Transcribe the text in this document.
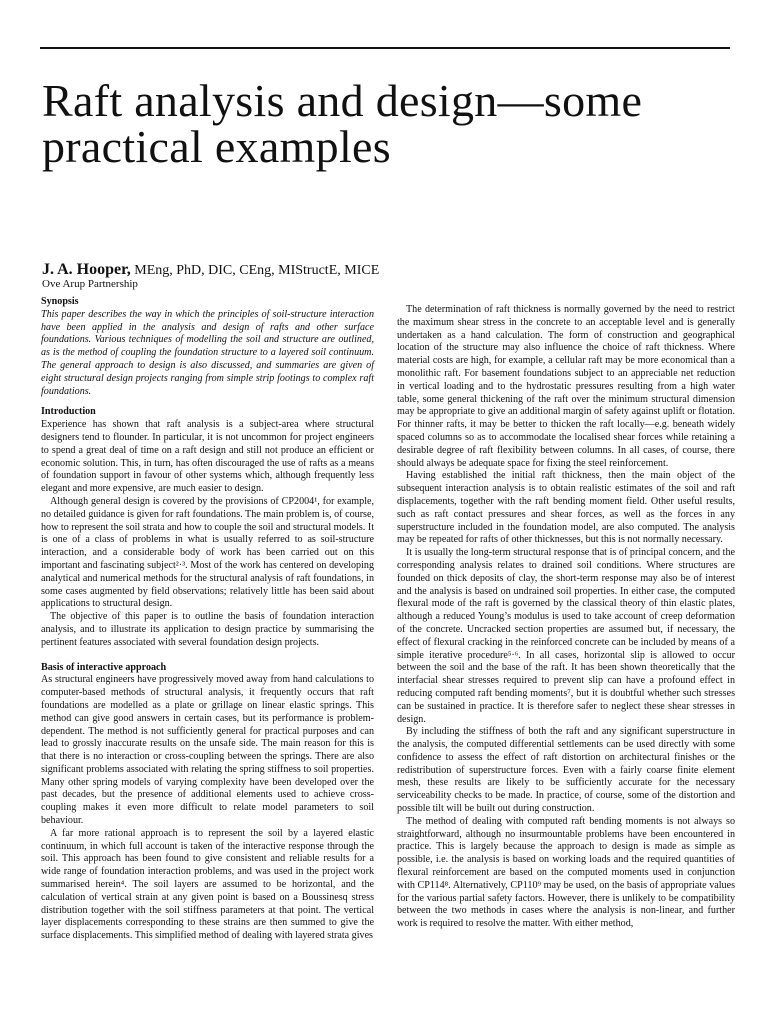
Raft analysis and design—some practical examples
J. A. Hooper, MEng, PhD, DIC, CEng, MIStructE, MICE
Ove Arup Partnership

Synopsis

This paper describes the way in which the principles of soil-structure interaction have been applied in the analysis and design of rafts and other surface foundations. Various techniques of modelling the soil and structure are outlined, as is the method of coupling the foundation structure to a layered soil continuum. The general approach to design is also discussed, and summaries are given of eight structural design projects ranging from simple strip footings to complex raft foundations.

Introduction

Experience has shown that raft analysis is a subject-area where structural designers tend to flounder. In particular, it is not uncommon for project engineers to spend a great deal of time on a raft design and still not produce an efficient or economic solution. This, in turn, has often discouraged the use of rafts as a means of foundation support in favour of other systems which, although frequently less elegant and more expensive, are much easier to design.

Although general design is covered by the provisions of CP2004¹, for example, no detailed guidance is given for raft foundations. The main problem is, of course, how to represent the soil strata and how to couple the soil and structural models. It is one of a class of problems in what is usually referred to as soil-structure interaction, and a considerable body of work has been carried out on this important and fascinating subject²·³. Most of the work has centered on developing analytical and numerical methods for the structural analysis of raft foundations, in some cases augmented by field observations; relatively little has been said about applications to structural design.

The objective of this paper is to outline the basis of foundation interaction analysis, and to illustrate its application to design practice by summarising the pertinent features associated with several foundation design projects.

Basis of interactive approach

As structural engineers have progressively moved away from hand calculations to computer-based methods of structural analysis, it frequently occurs that raft foundations are modelled as a plate or grillage on linear elastic springs. This method can give good answers in certain cases, but its performance is problem-dependent. The method is not sufficiently general for practical purposes and can lead to grossly inaccurate results on the unsafe side. The main reason for this is that there is no interaction or cross-coupling between the springs. There are also significant problems associated with relating the spring stiffness to soil properties. Many other spring models of varying complexity have been developed over the past decades, but the presence of additional elements used to achieve cross-coupling makes it even more difficult to relate model parameters to soil behaviour.

A far more rational approach is to represent the soil by a layered elastic continuum, in which full account is taken of the interactive response through the soil. This approach has been found to give consistent and reliable results for a wide range of foundation interaction problems, and was used in the project work summarised herein⁴. The soil layers are assumed to be horizontal, and the calculation of vertical strain at any given point is based on a Boussinesq stress distribution together with the soil stiffness parameters at that point. The vertical layer displacements corresponding to these strains are then summed to give the surface displacements. This simplified method of dealing with layered strata gives

The determination of raft thickness is normally governed by the need to restrict the maximum shear stress in the concrete to an acceptable level and is generally undertaken as a hand calculation. The form of construction and geographical location of the structure may also influence the choice of raft thickness. Where material costs are high, for example, a cellular raft may be more economical than a monolithic raft. For basement foundations subject to an appreciable net reduction in vertical loading and to the hydrostatic pressures resulting from a high water table, some general thickening of the raft over the minimum structural dimension may be appropriate to give an additional margin of safety against uplift or flotation. For thinner rafts, it may be better to thicken the raft locally—e.g. beneath widely spaced columns so as to accommodate the localised shear forces while retaining a desirable degree of raft flexibility between columns. In all cases, of course, there should always be adequate space for fixing the steel reinforcement.

Having established the initial raft thickness, then the main object of the subsequent interaction analysis is to obtain realistic estimates of the soil and raft displacements, together with the raft bending moment field. Other useful results, such as raft contact pressures and shear forces, as well as the forces in any superstructure included in the foundation model, are also computed. The analysis may be repeated for rafts of other thicknesses, but this is not normally necessary.

It is usually the long-term structural response that is of principal concern, and the corresponding analysis relates to drained soil conditions. Where structures are founded on thick deposits of clay, the short-term response may also be of interest and the analysis is based on undrained soil properties. In either case, the computed flexural mode of the raft is governed by the classical theory of thin elastic plates, although a reduced Young’s modulus is used to take account of creep deformation of the concrete. Uncracked section properties are assumed but, if necessary, the effect of flexural cracking in the reinforced concrete can be included by means of a simple iterative procedure⁵·⁶. In all cases, horizontal slip is allowed to occur between the soil and the base of the raft. It has been shown theoretically that the interfacial shear stresses required to prevent slip can have a profound effect in reducing computed raft bending moments⁷, but it is doubtful whether such stresses can be sustained in practice. It is therefore safer to neglect these shear stresses in design.

By including the stiffness of both the raft and any significant superstructure in the analysis, the computed differential settlements can be used directly with some confidence to assess the effect of raft distortion on architectural finishes or the redistribution of superstructure forces. Even with a fairly coarse finite element mesh, these results are likely to be sufficiently accurate for the necessary serviceability checks to be made. In practice, of course, some of the distortion and possible tilt will be built out during construction.

The method of dealing with computed raft bending moments is not always so straightforward, although no insurmountable problems have been encountered in practice. This is largely because the approach to design is made as simple as possible, i.e. the analysis is based on working loads and the required quantities of flexural reinforcement are based on the computed moments used in conjunction with CP114⁸. Alternatively, CP110⁹ may be used, on the basis of appropriate values for the various partial safety factors. However, there is unlikely to be compatibility between the two methods in cases where the analysis is non-linear, and further work is required to resolve the matter. With either method,
